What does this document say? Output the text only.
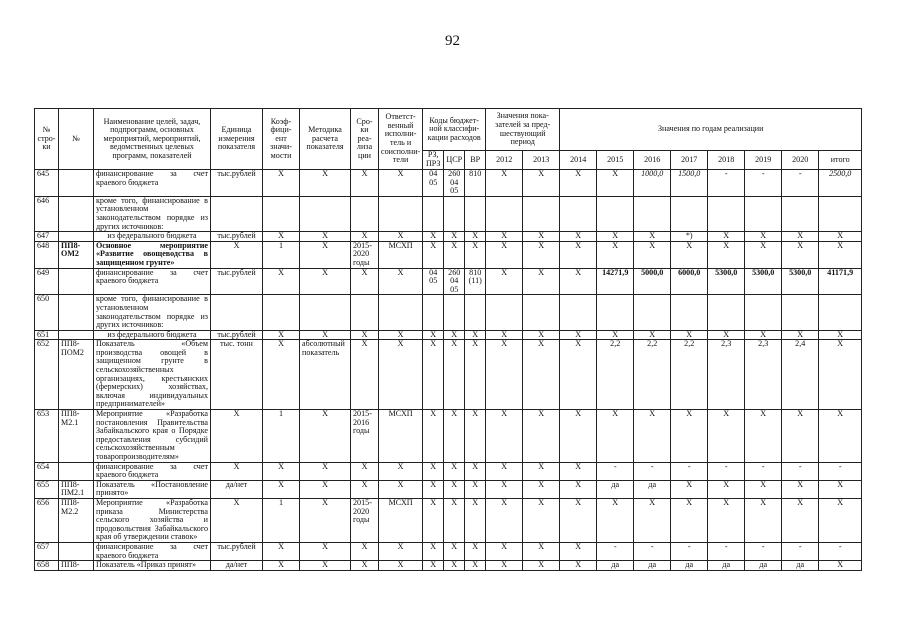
92
№ стро-ки	№	Наименование целей, задач, подпрограмм, основных мероприятий, мероприятий, ведомственных целевых программ, показателей	Единица измерения показателя	Коэф-фици-ент значи-мости	Методика расчета показателя	Сро-ки реа-лиза ции	Ответст-венный исполни-тель и соисполни-тели	Коды бюджет-ной классифи-кации расходов			Значения пока-зателей за пред-шествующий период		Значения по годам реализации							
								РЗ, ПРЗ	ЦСР	ВР	2012	2013	2014	2015	2016	2017	2018	2019	2020	итого
645		финансирование за счет краевого бюджета	тыс.рублей	X	X	X	X	04 05	260 04 05	810	X	X	X	X	1000,0	1500,0	-	-	-	2500,0
646		кроме того, финансирование в установленном законодательством порядке из других источников:																		
647		из федерального бюджета	тыс.рублей	X	X	X	X	X	X	X	X	X	X	X	X	*)	X	X	X	X
648	ПП8-ОМ2	Основное мероприятие «Развитие овощеводства в защищенном грунте»	X	1	X	2015-2020 годы	МСХП	X	X	X	X	X	X	X	X	X	X	X	X	X
649		финансирование за счет краевого бюджета	тыс.рублей	X	X	X	X	04 05	260 04 05	810 (11)	X	X	X	14271,9	5000,0	6000,0	5300,0	5300,0	5300,0	41171,9
650		кроме того, финансирование в установленном законодательством порядке из других источников:																		
651		из федерального бюджета	тыс.рублей	X	X	X	X	X	X	X	X	X	X	X	X	X	X	X	X	X
652	ПП8-ПОМ2	Показатель «Объем производства овощей в защищенном грунте в сельскохозяйственных организациях, крестьянских (фермерских) хозяйствах, включая индивидуальных предпринимателей»	тыс. тонн	X	абсолютный показатель	X	X	X	X	X	X	X	X	2,2	2,2	2,2	2,3	2,3	2,4	X
653	ПП8-М2.1	Мероприятие «Разработка постановления Правительства Забайкальского края о Порядке предоставления субсидий сельскохозяйственным товаропроизводителям»	X	1	X	2015-2016 годы	МСХП	X	X	X	X	X	X	X	X	X	X	X	X	X
654		финансирование за счет краевого бюджета	X	X	X	X	X	X	X	X	X	X	X	-	-	-	-	-	-	-
655	ПП8-ПМ2.1	Показатель «Постановление принято»	да/нет	X	X	X	X	X	X	X	X	X	X	да	да	X	X	X	X	X
656	ПП8-М2.2	Мероприятие «Разработка приказа Министерства сельского хозяйства и продовольствия Забайкальского края об утверждении ставок»	X	1	X	2015-2020 годы	МСХП	X	X	X	X	X	X	X	X	X	X	X	X	X
657		финансирование за счет краевого бюджета	тыс.рублей	X	X	X	X	X	X	X	X	X	X	-	-	-	-	-	-	-
658	ПП8-	Показатель «Приказ принят»	да/нет	X	X	X	X	X	X	X	X	X	X	да	да	да	да	да	да	X
